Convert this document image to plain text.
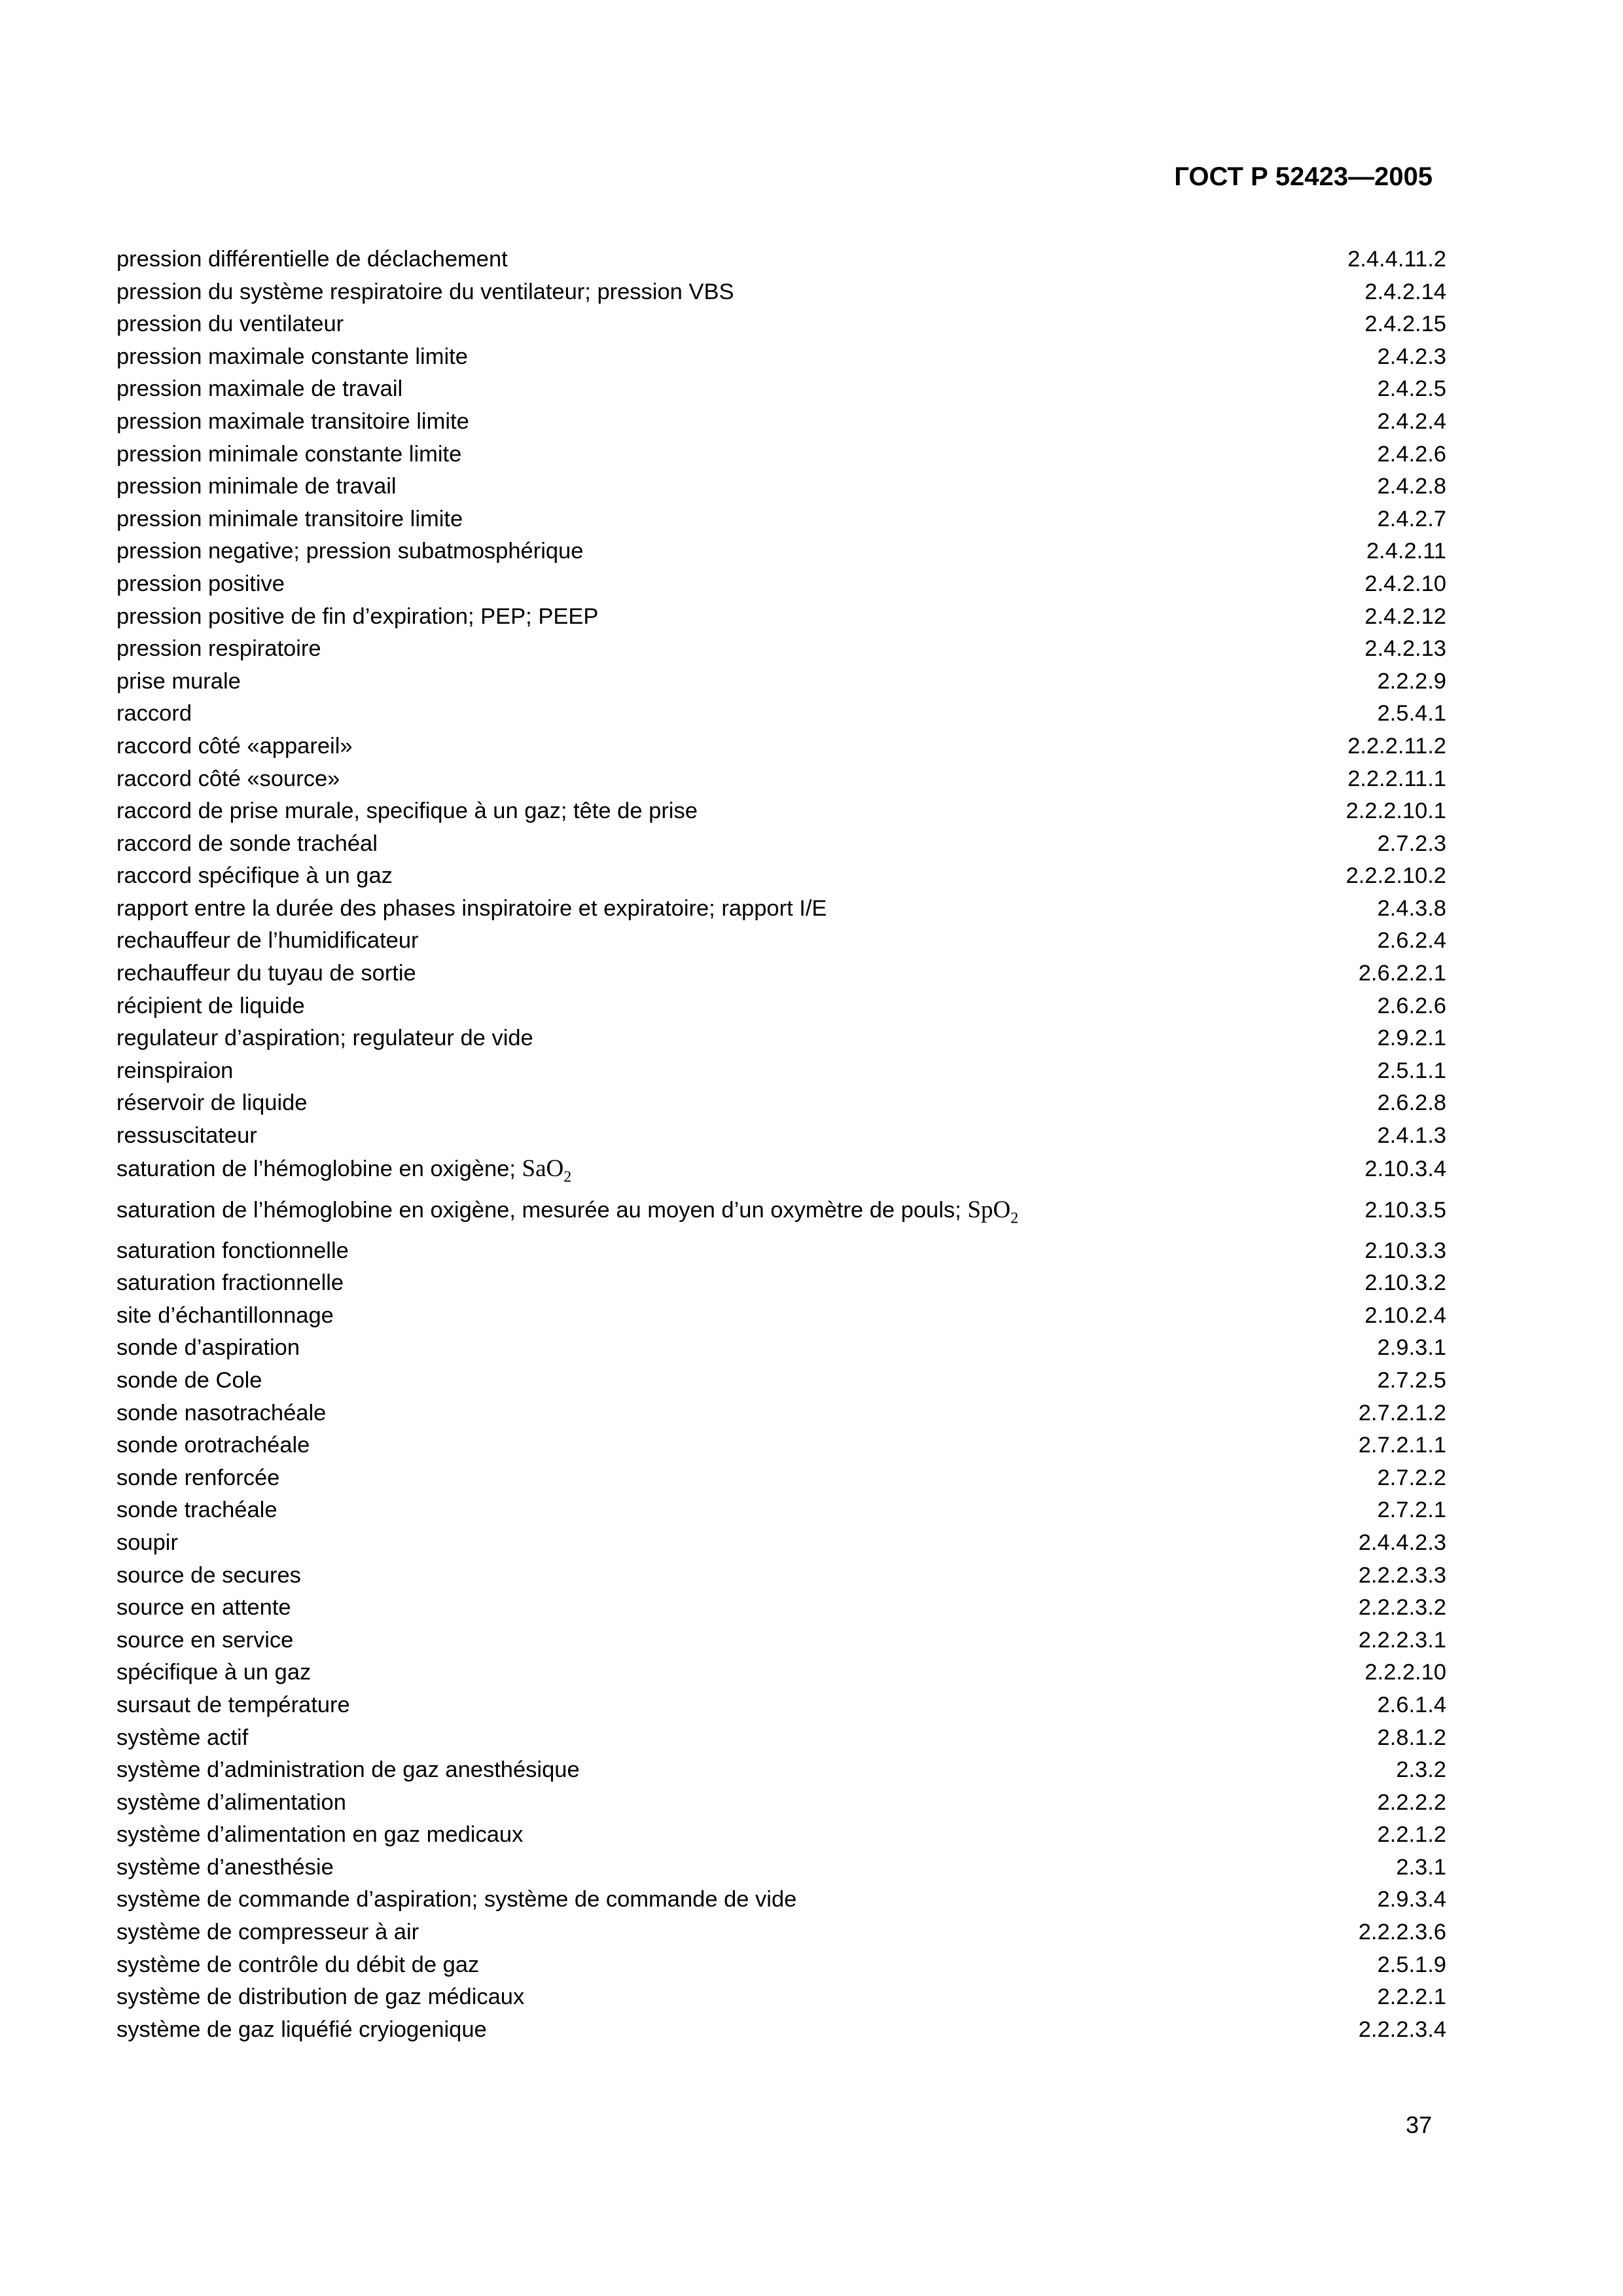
ГОСТ Р 52423—2005
pression différentielle de déclachement	2.4.4.11.2
pression du système respiratoire du ventilateur; pression VBS	2.4.2.14
pression du ventilateur	2.4.2.15
pression maximale constante limite	2.4.2.3
pression maximale de travail	2.4.2.5
pression maximale transitoire limite	2.4.2.4
pression minimale constante limite	2.4.2.6
pression minimale de travail	2.4.2.8
pression minimale transitoire limite	2.4.2.7
pression negative; pression subatmosphérique	2.4.2.11
pression positive	2.4.2.10
pression positive de fin d’expiration; PEP; PEEP	2.4.2.12
pression respiratoire	2.4.2.13
prise murale	2.2.2.9
raccord	2.5.4.1
raccord côté «appareil»	2.2.2.11.2
raccord côté «source»	2.2.2.11.1
raccord de prise murale, specifique à un gaz; tête de prise	2.2.2.10.1
raccord de sonde trachéal	2.7.2.3
raccord spécifique à un gaz	2.2.2.10.2
rapport entre la durée des phases inspiratoire et expiratoire; rapport I/E	2.4.3.8
rechauffeur de l’humidificateur	2.6.2.4
rechauffeur du tuyau de sortie	2.6.2.2.1
récipient de liquide	2.6.2.6
regulateur d’aspiration; regulateur de vide	2.9.2.1
reinspiraion	2.5.1.1
réservoir de liquide	2.6.2.8
ressuscitateur	2.4.1.3
saturation de l’hémoglobine en oxigène; SaO$_2$	2.10.3.4
saturation de l’hémoglobine en oxigène, mesurée au moyen d’un oxymètre de pouls; SpO$_2$	2.10.3.5
saturation fonctionnelle	2.10.3.3
saturation fractionnelle	2.10.3.2
site d’échantillonnage	2.10.2.4
sonde d’aspiration	2.9.3.1
sonde de Cole	2.7.2.5
sonde nasotrachéale	2.7.2.1.2
sonde orotrachéale	2.7.2.1.1
sonde renforcée	2.7.2.2
sonde trachéale	2.7.2.1
soupir	2.4.4.2.3
source de secures	2.2.2.3.3
source en attente	2.2.2.3.2
source en service	2.2.2.3.1
spécifique à un gaz	2.2.2.10
sursaut de température	2.6.1.4
système actif	2.8.1.2
système d’administration de gaz anesthésique	2.3.2
système d’alimentation	2.2.2.2
système d’alimentation en gaz medicaux	2.2.1.2
système d’anesthésie	2.3.1
système de commande d’aspiration; système de commande de vide	2.9.3.4
système de compresseur à air	2.2.2.3.6
système de contrôle du débit de gaz	2.5.1.9
système de distribution de gaz médicaux	2.2.2.1
système de gaz liquéfié cryiogenique	2.2.2.3.4
37
